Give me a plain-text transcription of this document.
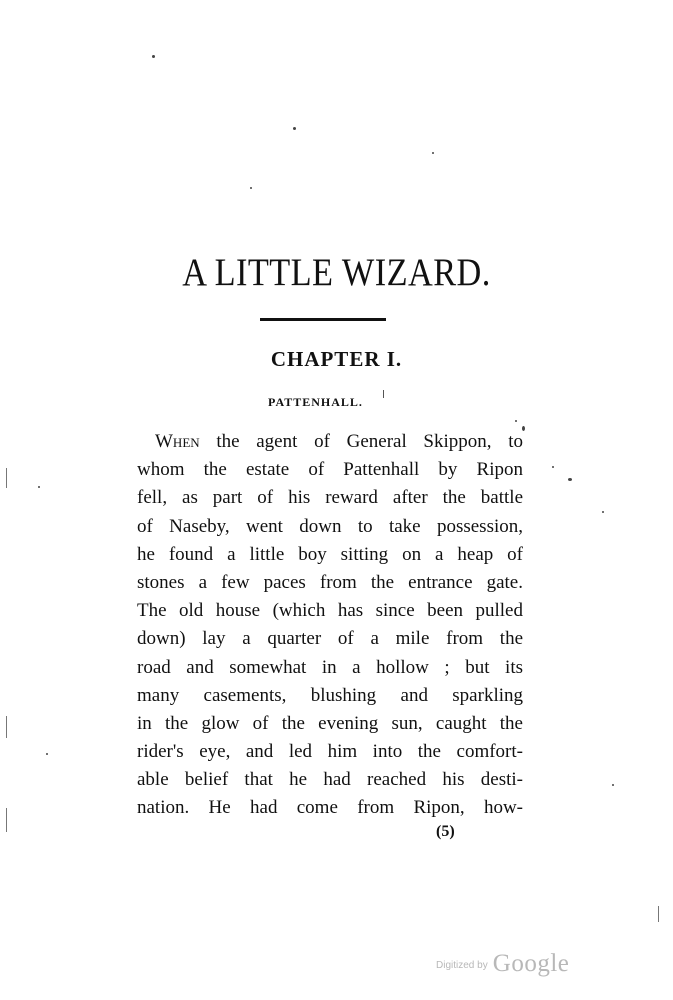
A LITTLE WIZARD.
CHAPTER I.
PATTENHALL.
When the agent of General Skippon, to
whom the estate of Pattenhall by Ripon
fell, as part of his reward after the battle
of Naseby, went down to take possession,
he found a little boy sitting on a heap of
stones a few paces from the entrance gate.
The old house (which has since been pulled
down) lay a quarter of a mile from the
road and somewhat in a hollow ; but its
many casements, blushing and sparkling
in the glow of the evening sun, caught the
rider's eye, and led him into the comfort-
able belief that he had reached his desti-
nation. He had come from Ripon, how-
(5)
Digitized by Google
